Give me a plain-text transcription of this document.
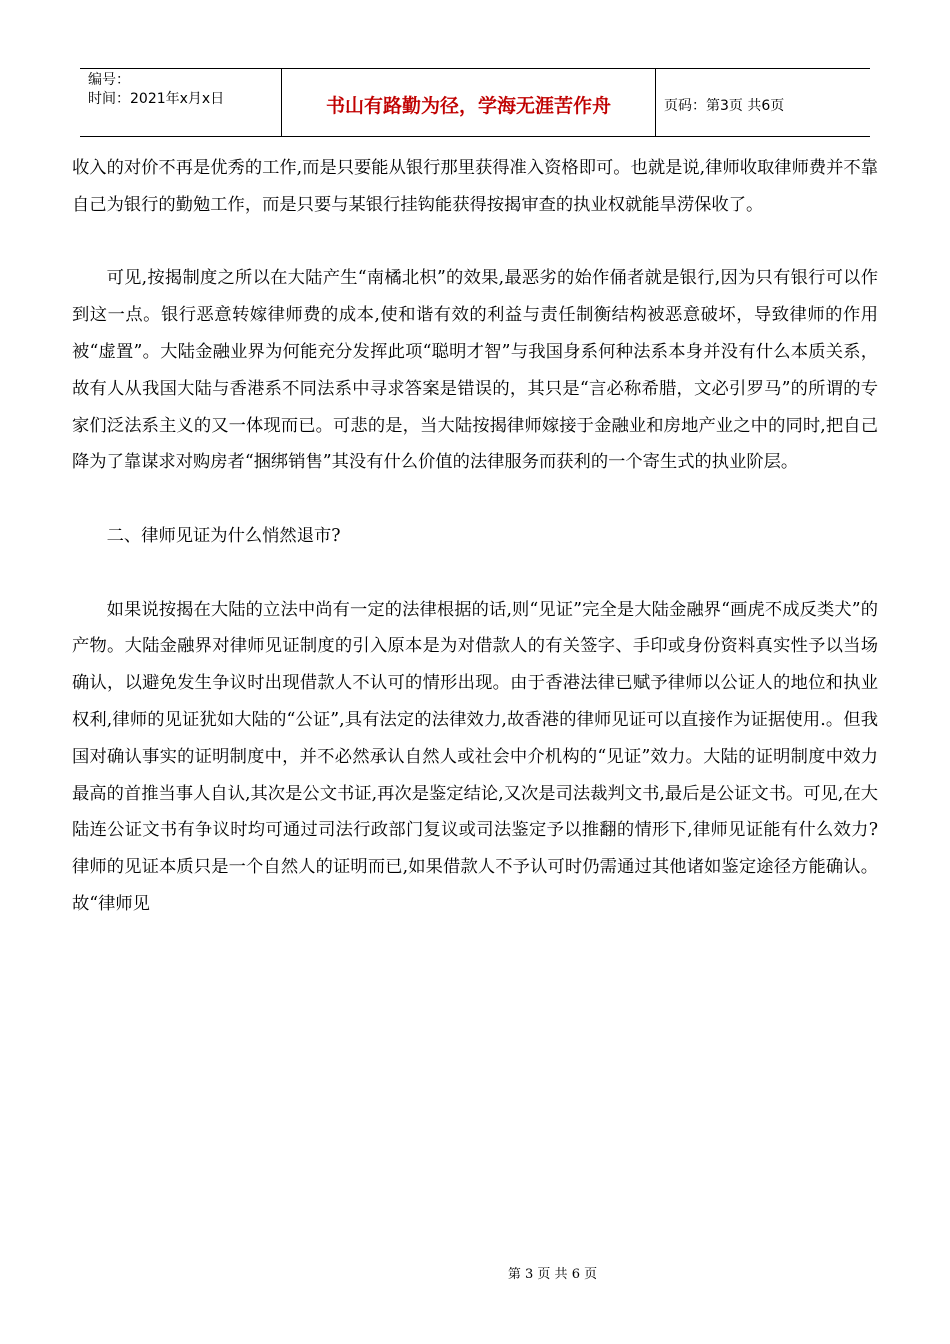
编号：
时间：2021年x月x日	书山有路勤为径，学海无涯苦作舟	页码：第3页 共6页

收入的对价不再是优秀的工作,而是只要能从银行那里获得准入资格即可。也就是说,律师收取律师费并不靠自己为银行的勤勉工作，而是只要与某银行挂钩能获得按揭审查的执业权就能旱涝保收了。

可见,按揭制度之所以在大陆产生“南橘北枳”的效果,最恶劣的始作俑者就是银行,因为只有银行可以作到这一点。银行恶意转嫁律师费的成本,使和谐有效的利益与责任制衡结构被恶意破坏，导致律师的作用被“虚置”。大陆金融业界为何能充分发挥此项“聪明才智”与我国身系何种法系本身并没有什么本质关系，故有人从我国大陆与香港系不同法系中寻求答案是错误的，其只是“言必称希腊，文必引罗马”的所谓的专家们泛法系主义的又一体现而已。可悲的是，当大陆按揭律师嫁接于金融业和房地产业之中的同时,把自己降为了靠谋求对购房者“捆绑销售”其没有什么价值的法律服务而获利的一个寄生式的执业阶层。

二、律师见证为什么悄然退市?

如果说按揭在大陆的立法中尚有一定的法律根据的话,则“见证”完全是大陆金融界“画虎不成反类犬”的产物。大陆金融界对律师见证制度的引入原本是为对借款人的有关签字、手印或身份资料真实性予以当场确认，以避免发生争议时出现借款人不认可的情形出现。由于香港法律已赋予律师以公证人的地位和执业权利,律师的见证犹如大陆的“公证”,具有法定的法律效力,故香港的律师见证可以直接作为证据使用.。但我国对确认事实的证明制度中，并不必然承认自然人或社会中介机构的“见证”效力。大陆的证明制度中效力最高的首推当事人自认,其次是公文书证,再次是鉴定结论,又次是司法裁判文书,最后是公证文书。可见,在大陆连公证文书有争议时均可通过司法行政部门复议或司法鉴定予以推翻的情形下,律师见证能有什么效力?律师的见证本质只是一个自然人的证明而已,如果借款人不予认可时仍需通过其他诸如鉴定途径方能确认。故“律师见

第 3 页 共 6 页
